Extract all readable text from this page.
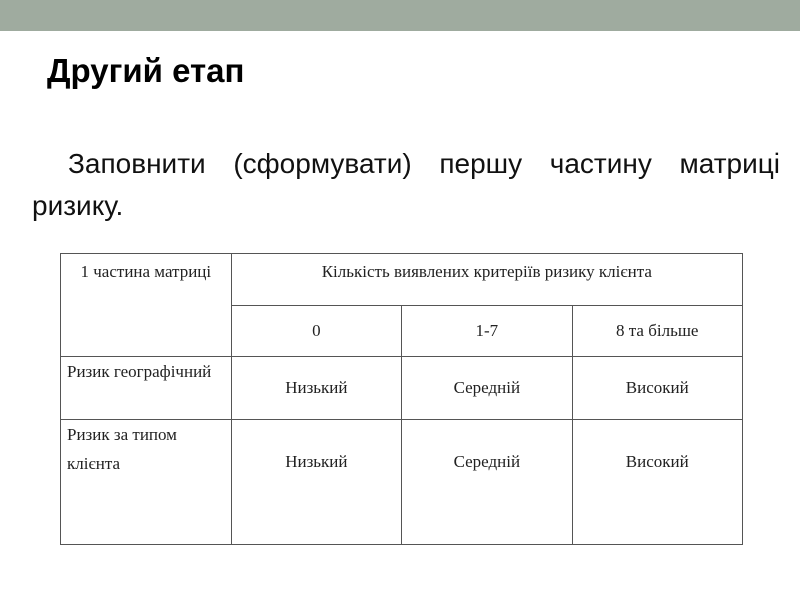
Другий етап

Заповнити (сформувати) першу частину матриці ризику.

1 частина матриці	Кількість виявлених критеріїв ризику клієнта		
	0	1-7	8 та більше
Ризик географічний	Низький	Середній	Високий
Ризик за типом клієнта	Низький	Середній	Високий
